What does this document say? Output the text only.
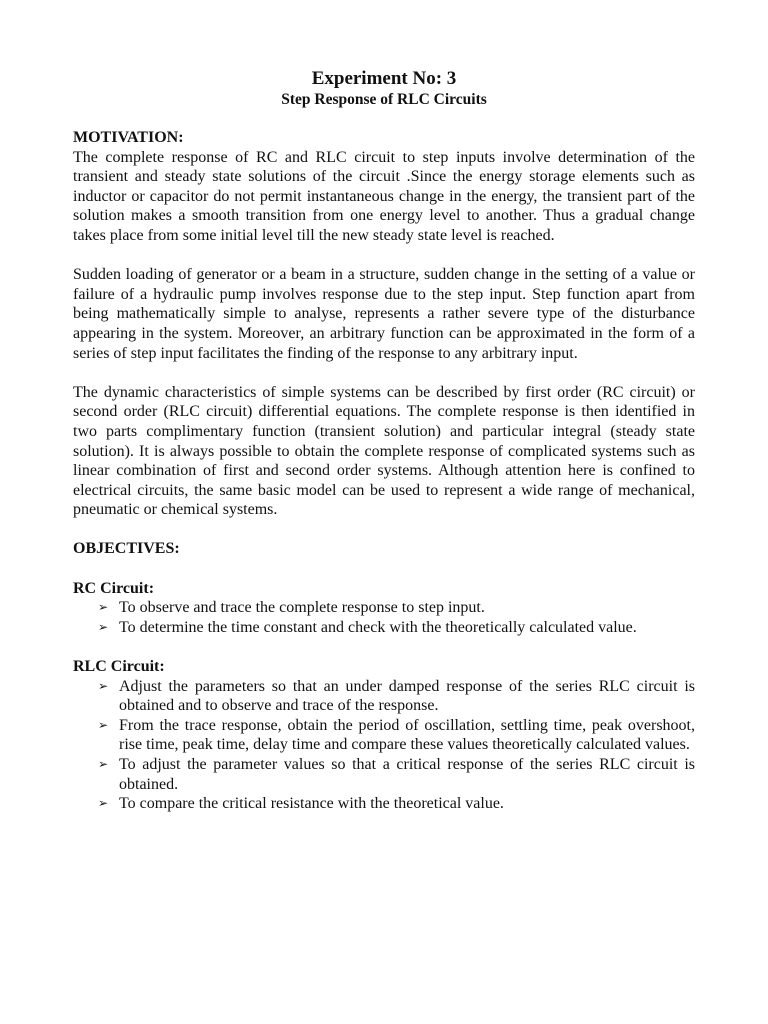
Experiment No: 3
Step Response of RLC Circuits
MOTIVATION:

The complete response of RC and RLC circuit to step inputs involve determination of the transient and steady state solutions of the circuit .Since the energy storage elements such as inductor or capacitor do not permit instantaneous change in the energy, the transient part of the solution makes a smooth transition from one energy level to another. Thus a gradual change takes place from some initial level till the new steady state level is reached.

Sudden loading of generator or a beam in a structure, sudden change in the setting of a value or failure of a hydraulic pump involves response due to the step input. Step function apart from being mathematically simple to analyse, represents a rather severe type of the disturbance appearing in the system. Moreover, an arbitrary function can be approximated in the form of a series of step input facilitates the finding of the response to any arbitrary input.

The dynamic characteristics of simple systems can be described by first order (RC circuit) or second order (RLC circuit) differential equations. The complete response is then identified in two parts complimentary function (transient solution) and particular integral (steady state solution). It is always possible to obtain the complete response of complicated systems such as linear combination of first and second order systems. Although attention here is confined to electrical circuits, the same basic model can be used to represent a wide range of mechanical, pneumatic or chemical systems.

OBJECTIVES:
RC Circuit:
➢ To observe and trace the complete response to step input.
➢ To determine the time constant and check with the theoretically calculated value.
RLC Circuit:
➢ Adjust the parameters so that an under damped response of the series RLC circuit is obtained and to observe and trace of the response.
➢ From the trace response, obtain the period of oscillation, settling time, peak overshoot, rise time, peak time, delay time and compare these values theoretically calculated values.
➢ To adjust the parameter values so that a critical response of the series RLC circuit is obtained.
➢ To compare the critical resistance with the theoretical value.
